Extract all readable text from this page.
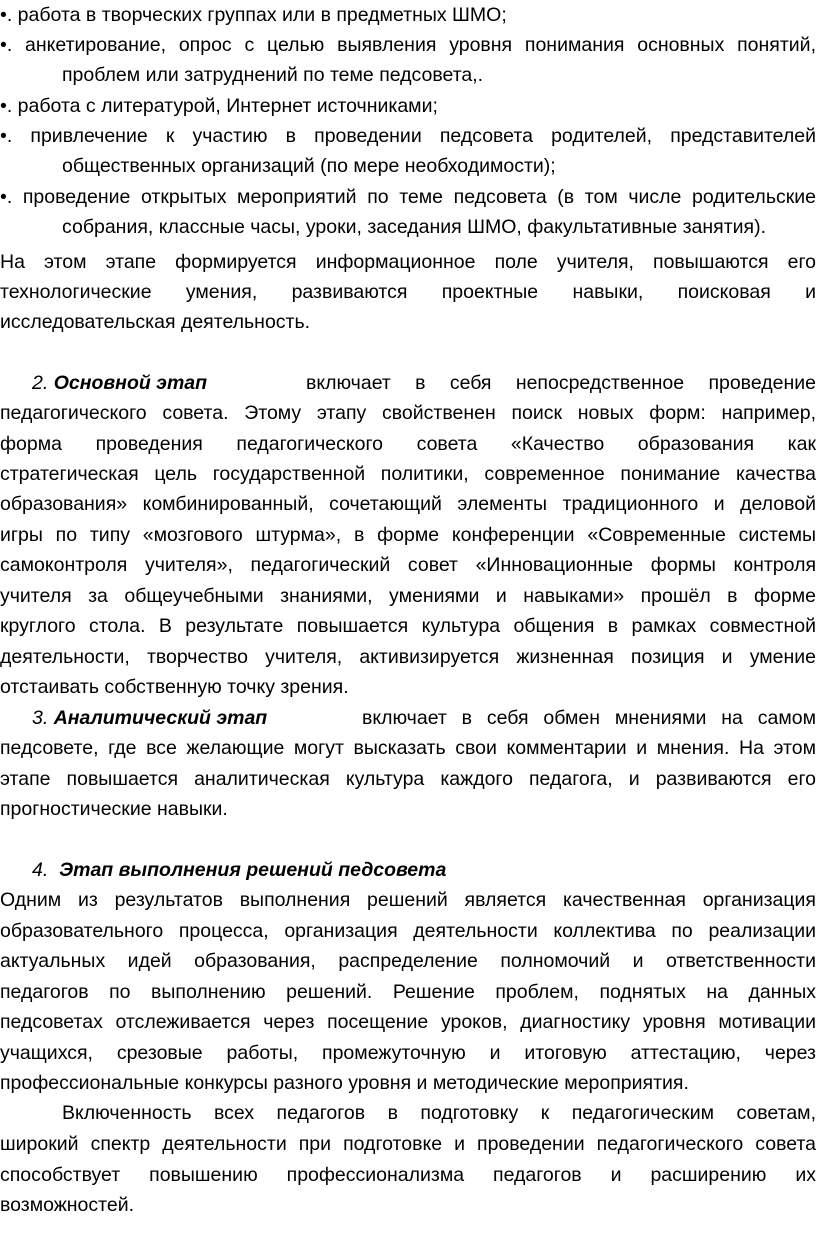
•. работа в творческих группах или в предметных ШМО;
•. анкетирование, опрос с целью выявления уровня понимания основных понятий,
проблем или затруднений по теме педсовета,.
•. работа с литературой, Интернет источниками;
•. привлечение к участию в проведении педсовета родителей, представителей
общественных организаций (по мере необходимости);
•. проведение открытых мероприятий по теме педсовета (в том числе родительские
собрания, классные часы, уроки, заседания ШМО, факультативные занятия).
На этом этапе формируется информационное поле учителя, повышаются его
технологические умения, развиваются проектные навыки, поисковая и
исследовательская деятельность.
2. Основной этап	включает в себя непосредственное проведение
педагогического совета. Этому этапу свойственен поиск новых форм: например,
форма проведения педагогического совета «Качество образования как
стратегическая цель государственной политики, современное понимание качества
образования» комбинированный, сочетающий элементы традиционного и деловой
игры по типу «мозгового штурма», в форме конференции «Современные системы
самоконтроля учителя», педагогический совет «Инновационные формы контроля
учителя за общеучебными знаниями, умениями и навыками» прошёл в форме
круглого стола. В результате повышается культура общения в рамках совместной
деятельности, творчество учителя, активизируется жизненная позиция и умение
отстаивать собственную точку зрения.
3. Аналитический этап	включает в себя обмен мнениями на самом
педсовете, где все желающие могут высказать свои комментарии и мнения. На этом
этапе повышается аналитическая культура каждого педагога, и развиваются его
прогностические навыки.
4. Этап выполнения решений педсовета
Одним из результатов выполнения решений является качественная организация
образовательного процесса, организация деятельности коллектива по реализации
актуальных идей образования, распределение полномочий и ответственности
педагогов по выполнению решений. Решение проблем, поднятых на данных
педсоветах отслеживается через посещение уроков, диагностику уровня мотивации
учащихся, срезовые работы, промежуточную и итоговую аттестацию, через
профессиональные конкурсы разного уровня и методические мероприятия.
Включенность всех педагогов в подготовку к педагогическим советам,
широкий спектр деятельности при подготовке и проведении педагогического совета
способствует повышению профессионализма педагогов и расширению их
возможностей.
